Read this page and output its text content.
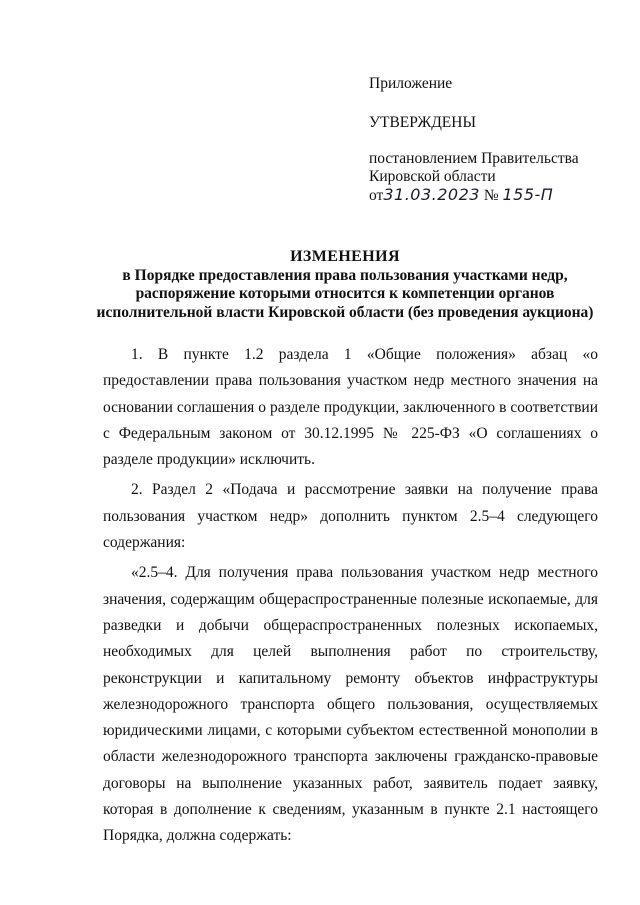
Приложение
УТВЕРЖДЕНЫ
постановлением Правительства
Кировской области
от31.03.2023 № 155-П
ИЗМЕНЕНИЯ
в Порядке предоставления права пользования участками недр,
распоряжение которыми относится к компетенции органов
исполнительной власти Кировской области (без проведения аукциона)

1. В пункте 1.2 раздела 1 «Общие положения» абзац «о предоставлении права пользования участком недр местного значения на основании соглашения о разделе продукции, заключенного в соответствии с Федеральным законом от 30.12.1995 № 225-ФЗ «О соглашениях о разделе продукции» исключить.

2. Раздел 2 «Подача и рассмотрение заявки на получение права пользования участком недр» дополнить пунктом 2.5–4 следующего содержания:

«2.5–4. Для получения права пользования участком недр местного значения, содержащим общераспространенные полезные ископаемые, для разведки и добычи общераспространенных полезных ископаемых, необходимых для целей выполнения работ по строительству, реконструкции и капитальному ремонту объектов инфраструктуры железнодорожного транспорта общего пользования, осуществляемых юридическими лицами, с которыми субъектом естественной монополии в области железнодорожного транспорта заключены гражданско-правовые договоры на выполнение указанных работ, заявитель подает заявку, которая в дополнение к сведениям, указанным в пункте 2.1 настоящего Порядка, должна содержать:
